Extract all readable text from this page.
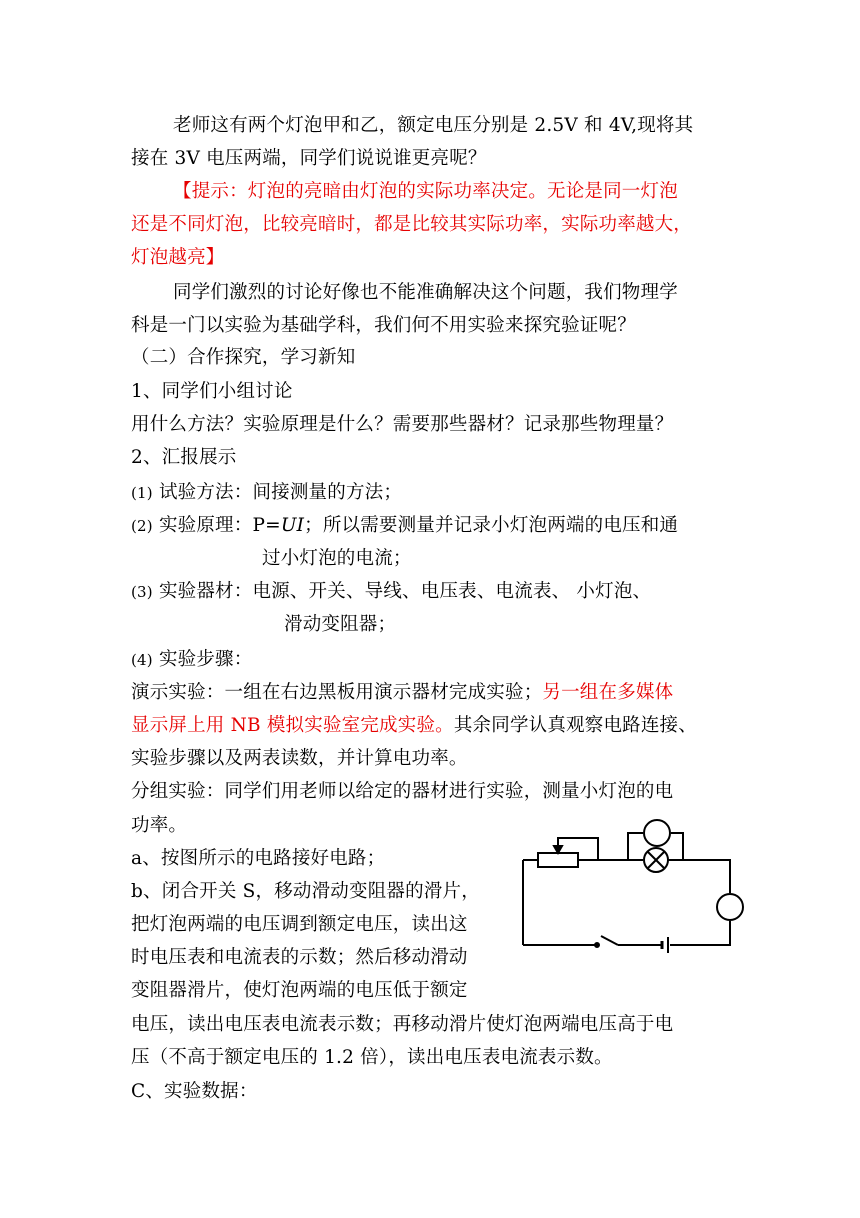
老师这有两个灯泡甲和乙，额定电压分别是 2.5V 和 4V,现将其
接在 3V 电压两端，同学们说说谁更亮呢？
【提示：灯泡的亮暗由灯泡的实际功率决定。无论是同一灯泡
还是不同灯泡，比较亮暗时，都是比较其实际功率，实际功率越大，
灯泡越亮】
同学们激烈的讨论好像也不能准确解决这个问题，我们物理学
科是一门以实验为基础学科，我们何不用实验来探究验证呢？
（二）合作探究，学习新知
1、同学们小组讨论
用什么方法？实验原理是什么？需要那些器材？记录那些物理量？
2、汇报展示
(1) 试验方法：间接测量的方法；
(2) 实验原理：P=UI；所以需要测量并记录小灯泡两端的电压和通
过小灯泡的电流；
(3) 实验器材：电源、开关、导线、电压表、电流表、 小灯泡、
滑动变阻器；
(4) 实验步骤：
演示实验：一组在右边黑板用演示器材完成实验；另一组在多媒体
显示屏上用 NB 模拟实验室完成实验。其余同学认真观察电路连接、
实验步骤以及两表读数，并计算电功率。
分组实验：同学们用老师以给定的器材进行实验，测量小灯泡的电
功率。
a、按图所示的电路接好电路；
b、闭合开关 S，移动滑动变阻器的滑片，
把灯泡两端的电压调到额定电压，读出这
时电压表和电流表的示数；然后移动滑动
变阻器滑片，使灯泡两端的电压低于额定
电压，读出电压表电流表示数；再移动滑片使灯泡两端电压高于电
压（不高于额定电压的 1.2 倍），读出电压表电流表示数。
C、实验数据：
